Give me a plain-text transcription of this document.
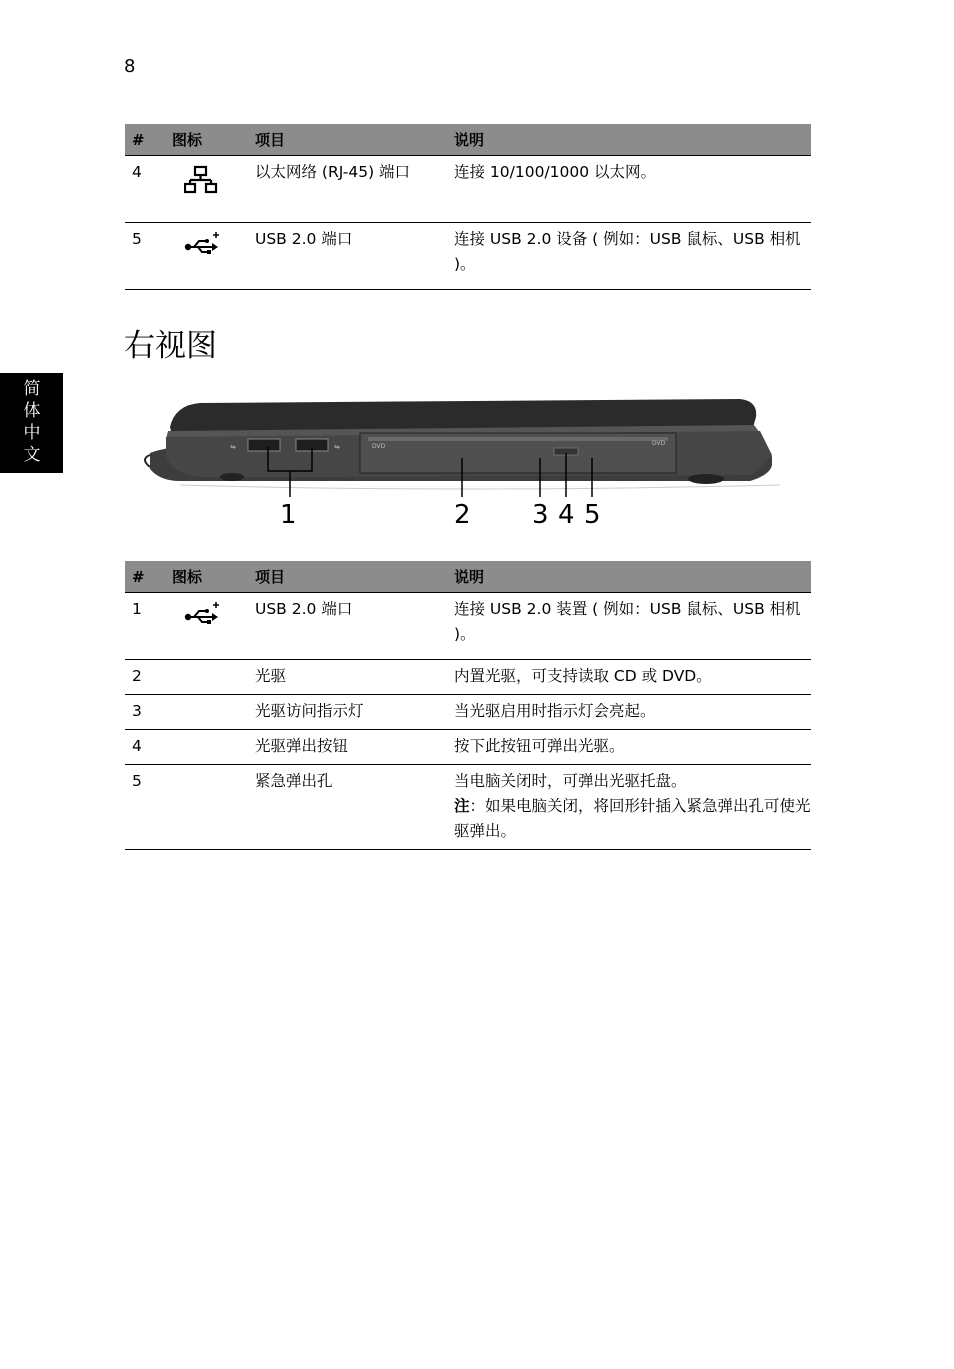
8
简
体
中
文
#	图标	项目	说明
4		以太网络 (RJ-45) 端口	连接 10/100/1000 以太网。
5		USB 2.0 端口	连接 USB 2.0 设备 ( 例如：USB 鼠标、USB 相机 )。
右视图
⇋	⇋	DVD	DVD
1	2 3 4 5
#	图标	项目	说明
1		USB 2.0 端口	连接 USB 2.0 装置 ( 例如：USB 鼠标、USB 相机 )。
2		光驱	内置光驱，可支持读取 CD 或 DVD。
3		光驱访问指示灯	当光驱启用时指示灯会亮起。
4		光驱弹出按钮	按下此按钮可弹出光驱。
5		紧急弹出孔	当电脑关闭时，可弹出光驱托盘。
注：如果电脑关闭，将回形针插入紧急弹出孔可使光驱弹出。
